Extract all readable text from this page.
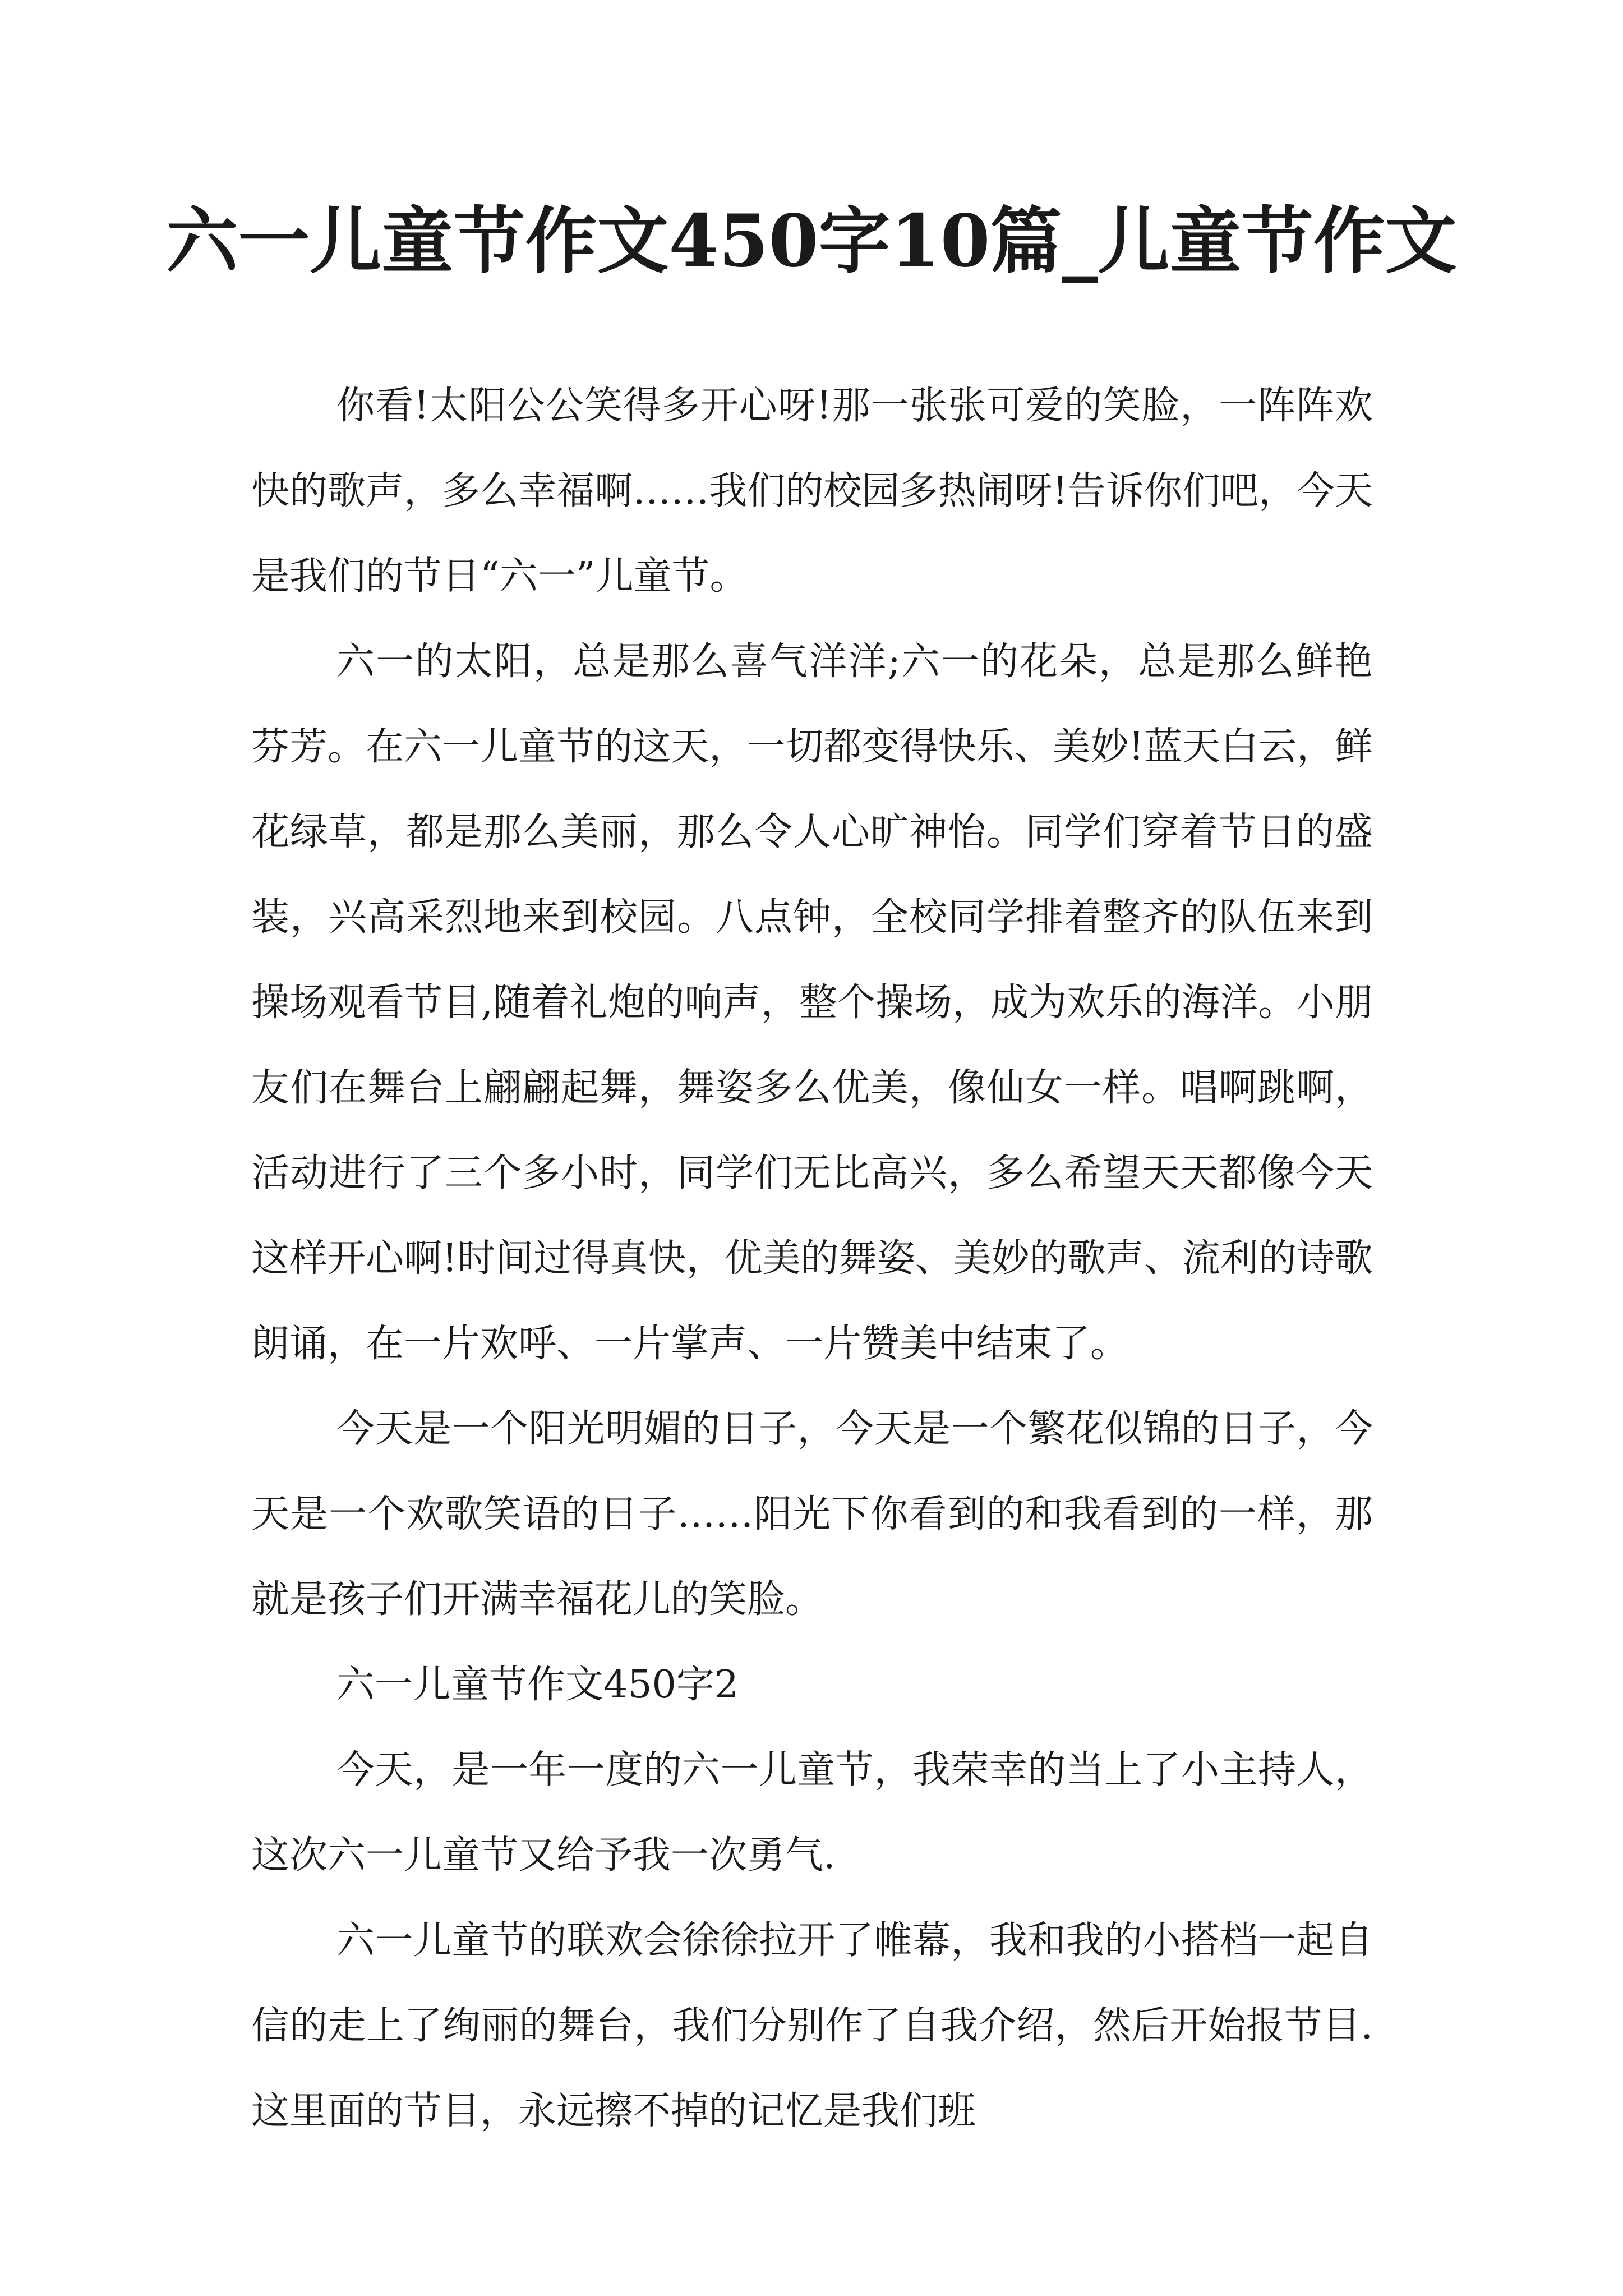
六一儿童节作文450字10篇_儿童节作文

你看!太阳公公笑得多开心呀!那一张张可爱的笑脸，一阵阵欢快的歌声，多么幸福啊……我们的校园多热闹呀!告诉你们吧，今天是我们的节日“六一”儿童节。

六一的太阳，总是那么喜气洋洋;六一的花朵，总是那么鲜艳芬芳。在六一儿童节的这天，一切都变得快乐、美妙!蓝天白云，鲜花绿草，都是那么美丽，那么令人心旷神怡。同学们穿着节日的盛装，兴高采烈地来到校园。八点钟，全校同学排着整齐的队伍来到操场观看节目,随着礼炮的响声，整个操场，成为欢乐的海洋。小朋友们在舞台上翩翩起舞，舞姿多么优美，像仙女一样。唱啊跳啊，活动进行了三个多小时，同学们无比高兴，多么希望天天都像今天这样开心啊!时间过得真快，优美的舞姿、美妙的歌声、流利的诗歌朗诵，在一片欢呼、一片掌声、一片赞美中结束了。

今天是一个阳光明媚的日子，今天是一个繁花似锦的日子，今天是一个欢歌笑语的日子……阳光下你看到的和我看到的一样，那就是孩子们开满幸福花儿的笑脸。

六一儿童节作文450字2

今天，是一年一度的六一儿童节，我荣幸的当上了小主持人，这次六一儿童节又给予我一次勇气.

六一儿童节的联欢会徐徐拉开了帷幕，我和我的小搭档一起自信的走上了绚丽的舞台，我们分别作了自我介绍，然后开始报节目.这里面的节目，永远擦不掉的记忆是我们班
